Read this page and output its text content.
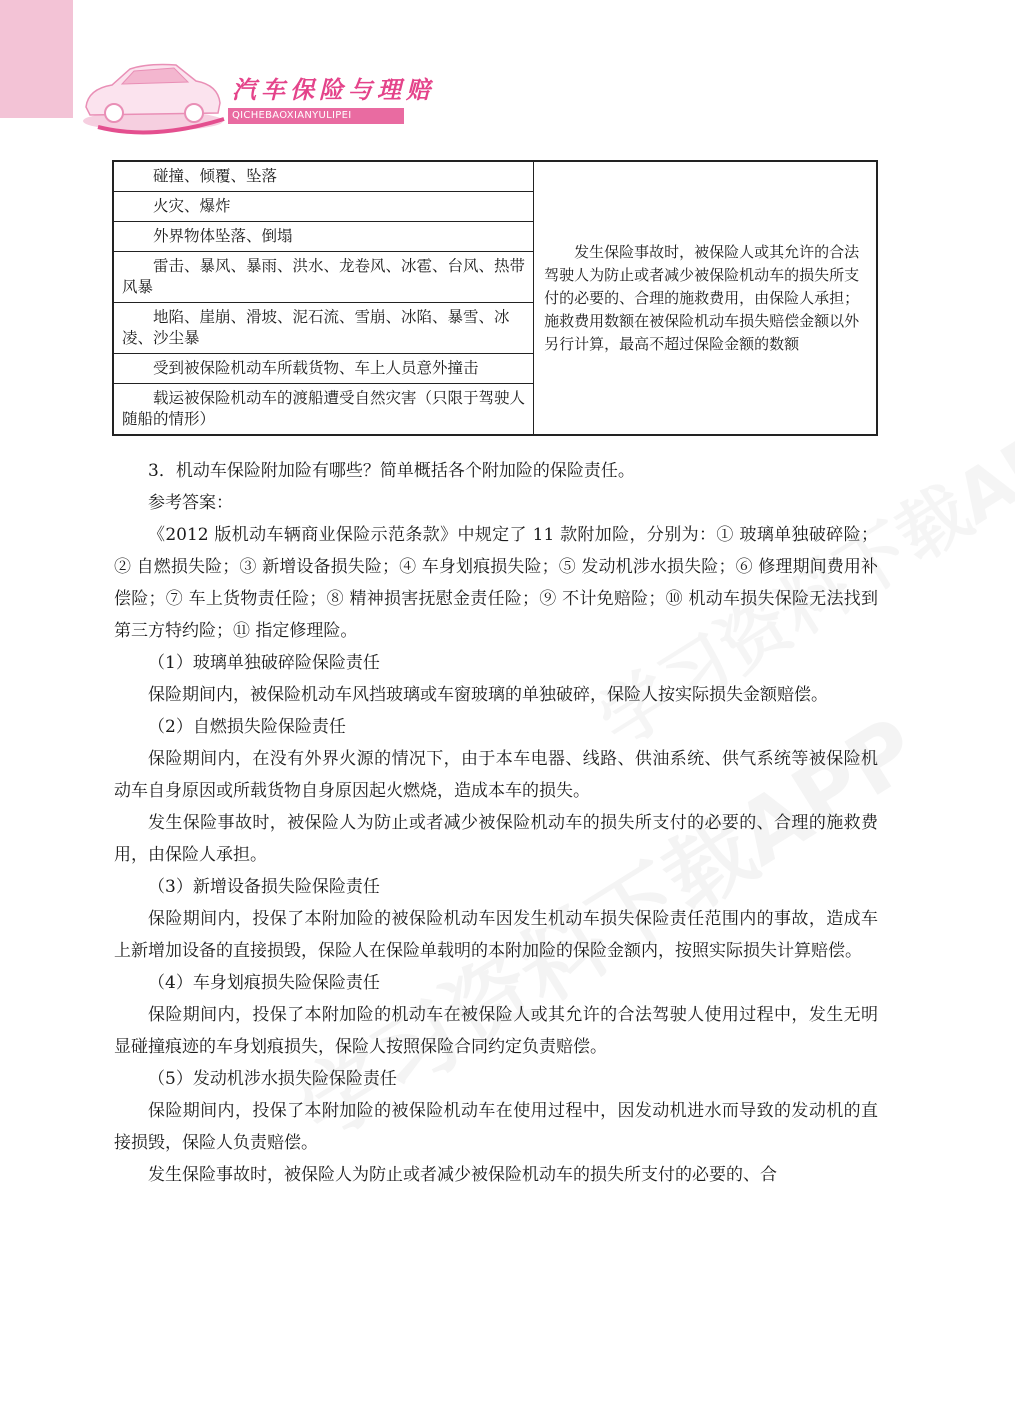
汽车保险与理赔
QICHEBAOXIANYULIPEI
碰撞、倾覆、坠落	发生保险事故时，被保险人或其允许的合法驾驶人为防止或者减少被保险机动车的损失所支付的必要的、合理的施救费用，由保险人承担；施救费用数额在被保险机动车损失赔偿金额以外另行计算，最高不超过保险金额的数额
火灾、爆炸
外界物体坠落、倒塌
雷击、暴风、暴雨、洪水、龙卷风、冰雹、台风、热带风暴
地陷、崖崩、滑坡、泥石流、雪崩、冰陷、暴雪、冰凌、沙尘暴
受到被保险机动车所载货物、车上人员意外撞击
载运被保险机动车的渡船遭受自然灾害（只限于驾驶人随船的情形）

3．机动车保险附加险有哪些？简单概括各个附加险的保险责任。

参考答案：

《2012 版机动车辆商业保险示范条款》中规定了 11 款附加险，分别为：① 玻璃单独破碎险；② 自燃损失险；③ 新增设备损失险；④ 车身划痕损失险；⑤ 发动机涉水损失险；⑥ 修理期间费用补偿险；⑦ 车上货物责任险；⑧ 精神损害抚慰金责任险；⑨ 不计免赔险；⑩ 机动车损失保险无法找到第三方特约险；⑪ 指定修理险。

（1）玻璃单独破碎险保险责任

保险期间内，被保险机动车风挡玻璃或车窗玻璃的单独破碎，保险人按实际损失金额赔偿。

（2）自燃损失险保险责任

保险期间内，在没有外界火源的情况下，由于本车电器、线路、供油系统、供气系统等被保险机动车自身原因或所载货物自身原因起火燃烧，造成本车的损失。

发生保险事故时，被保险人为防止或者减少被保险机动车的损失所支付的必要的、合理的施救费用，由保险人承担。

（3）新增设备损失险保险责任

保险期间内，投保了本附加险的被保险机动车因发生机动车损失保险责任范围内的事故，造成车上新增加设备的直接损毁，保险人在保险单载明的本附加险的保险金额内，按照实际损失计算赔偿。

（4）车身划痕损失险保险责任

保险期间内，投保了本附加险的机动车在被保险人或其允许的合法驾驶人使用过程中，发生无明显碰撞痕迹的车身划痕损失，保险人按照保险合同约定负责赔偿。

（5）发动机涉水损失险保险责任

保险期间内，投保了本附加险的被保险机动车在使用过程中，因发动机进水而导致的发动机的直接损毁，保险人负责赔偿。

发生保险事故时，被保险人为防止或者减少被保险机动车的损失所支付的必要的、合
